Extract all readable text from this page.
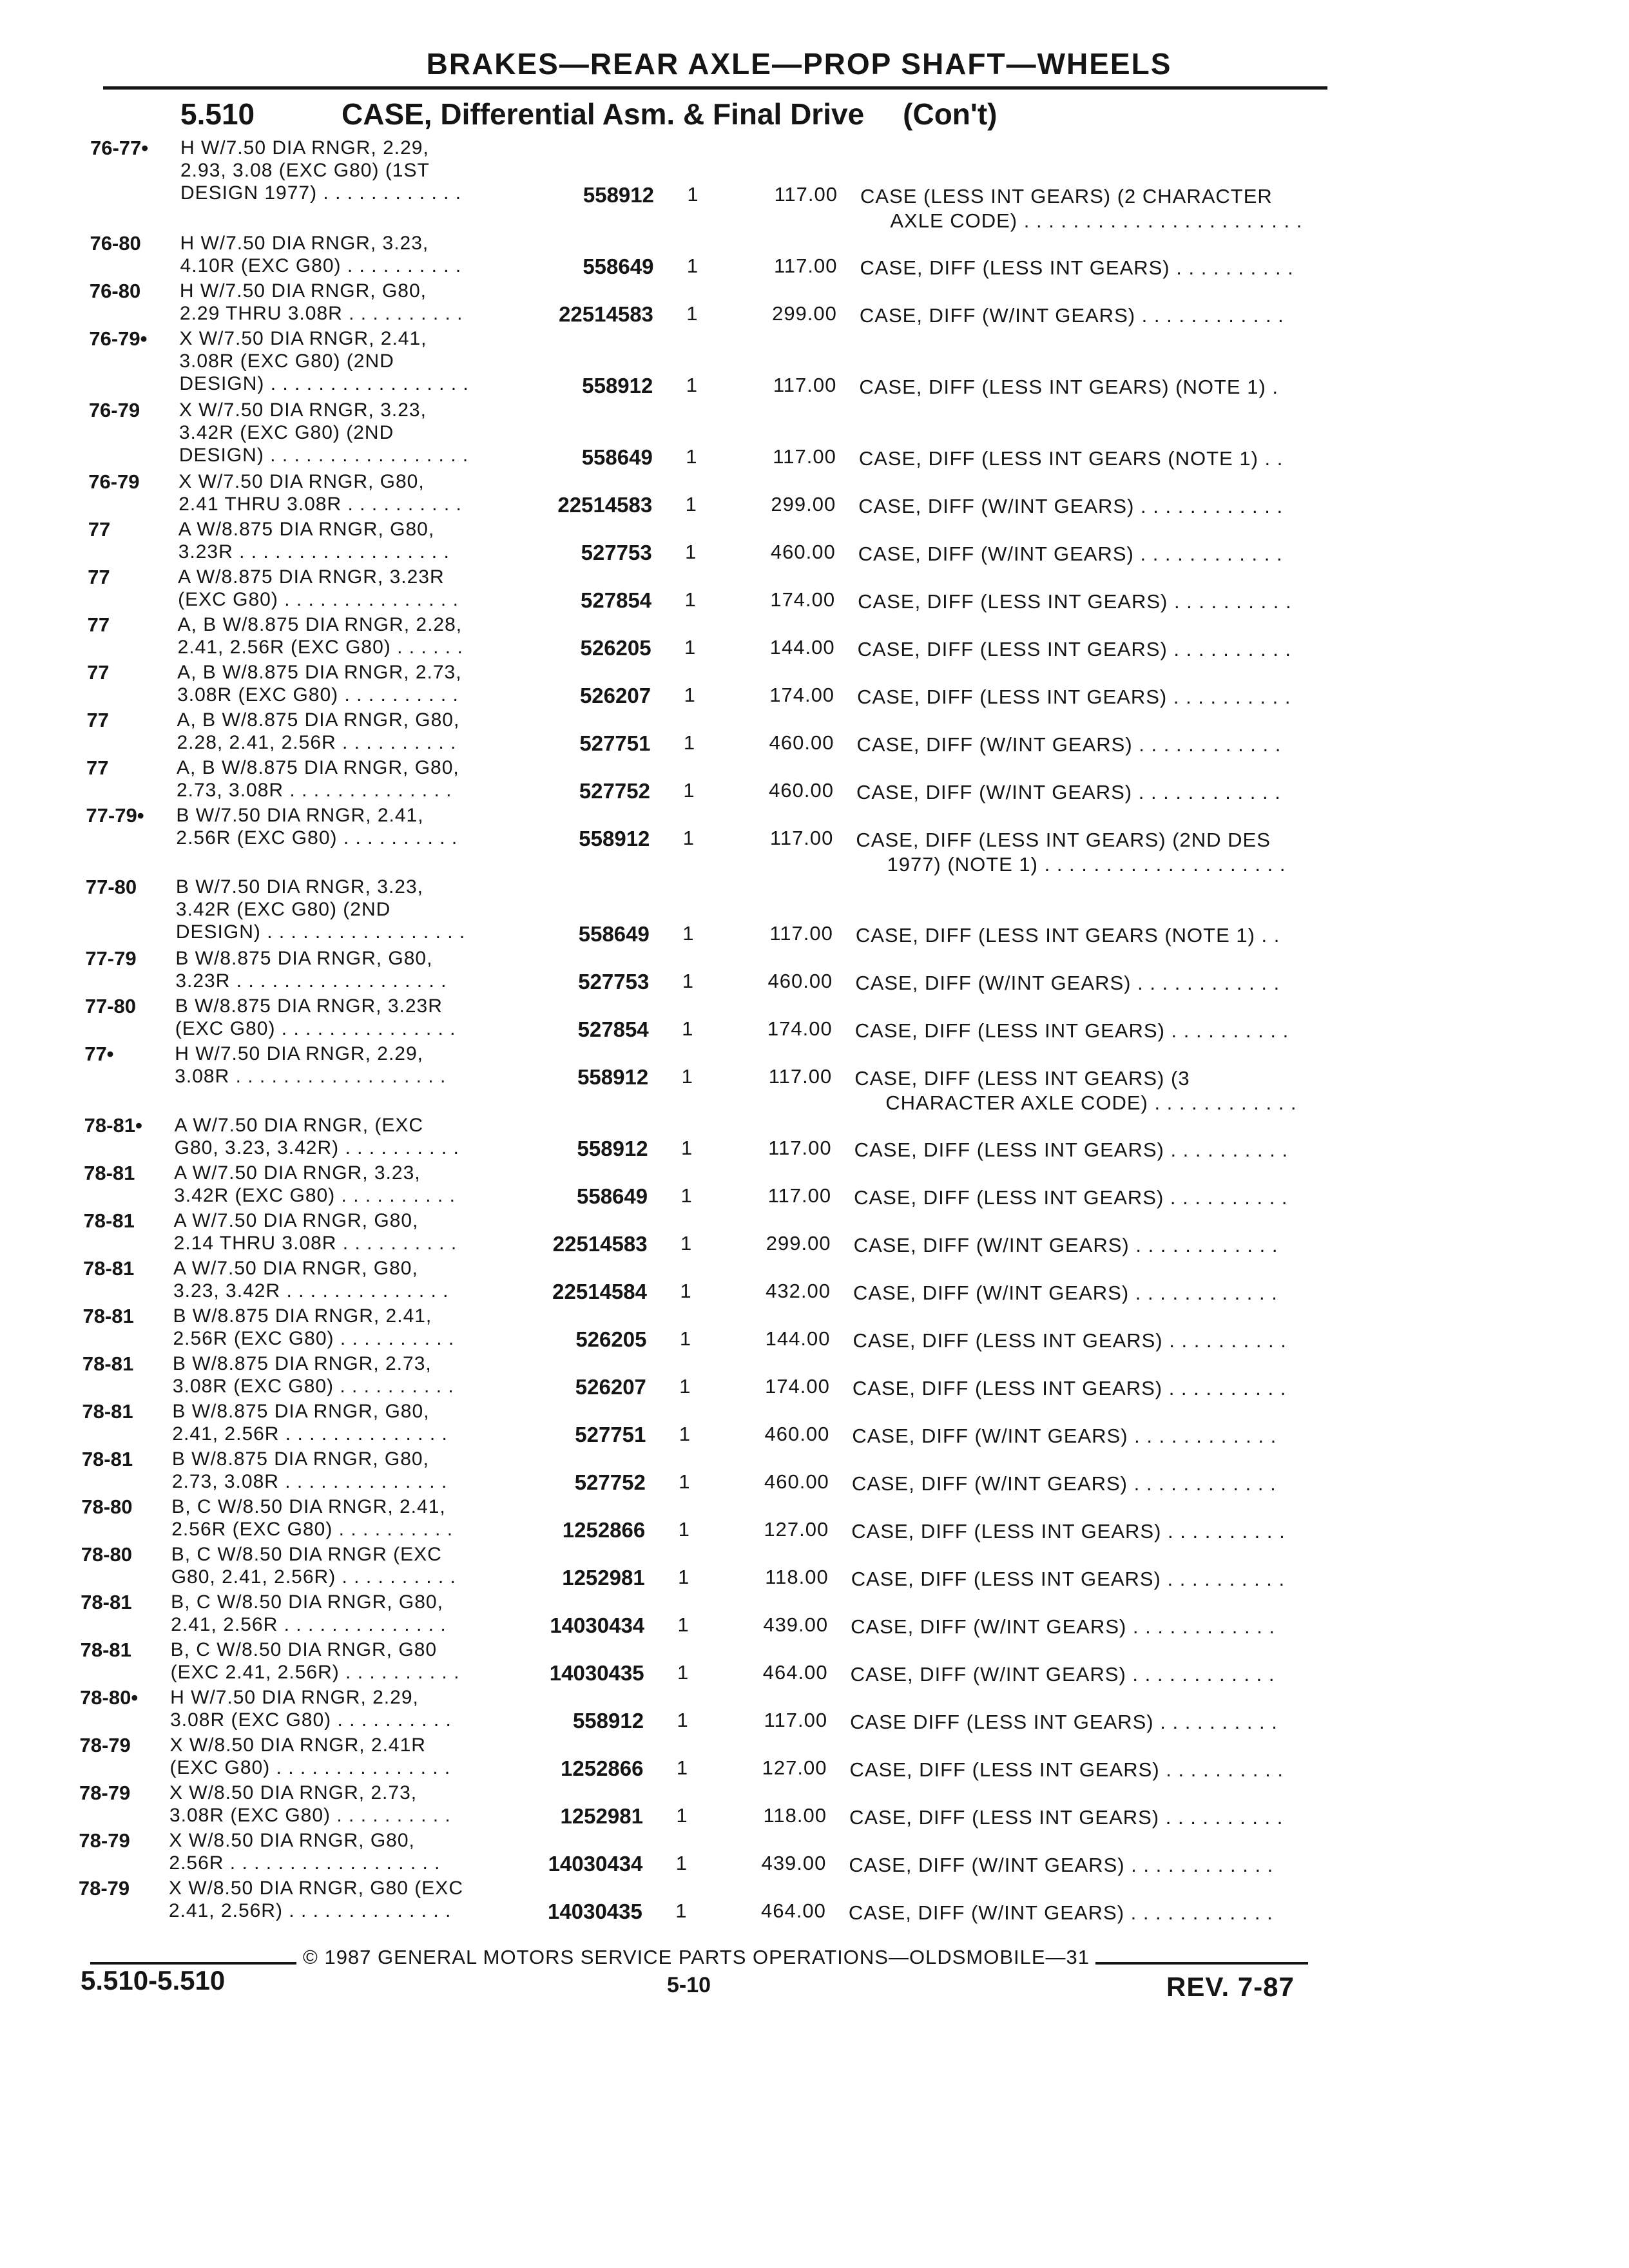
BRAKES—REAR AXLE—PROP SHAFT—WHEELS
5.510	CASE, Differential Asm. & Final Drive (Con't)
76-77• H W/7.50 DIA RNGR, 2.29,
2.93, 3.08 (EXC G80) (1ST
DESIGN 1977) . . . . . . . . . . . .	558912 1	117.00 CASE (LESS INT GEARS) (2 CHARACTER
AXLE CODE) . . . . . . . . . . . . . . . . . . . . . . .
76-80 H W/7.50 DIA RNGR, 3.23,
4.10R (EXC G80) . . . . . . . . . .	558649 1	117.00 CASE, DIFF (LESS INT GEARS) . . . . . . . . . .
76-80 H W/7.50 DIA RNGR, G80,
2.29 THRU 3.08R . . . . . . . . . .	22514583 1	299.00 CASE, DIFF (W/INT GEARS) . . . . . . . . . . . .
76-79• X W/7.50 DIA RNGR, 2.41,
3.08R (EXC G80) (2ND
DESIGN) . . . . . . . . . . . . . . . . .	558912 1	117.00 CASE, DIFF (LESS INT GEARS) (NOTE 1) .
76-79 X W/7.50 DIA RNGR, 3.23,
3.42R (EXC G80) (2ND
DESIGN) . . . . . . . . . . . . . . . . .	558649 1	117.00 CASE, DIFF (LESS INT GEARS (NOTE 1) . .
76-79 X W/7.50 DIA RNGR, G80,
2.41 THRU 3.08R . . . . . . . . . .	22514583 1	299.00 CASE, DIFF (W/INT GEARS) . . . . . . . . . . . .
77	A W/8.875 DIA RNGR, G80,
3.23R . . . . . . . . . . . . . . . . . .	527753 1	460.00 CASE, DIFF (W/INT GEARS) . . . . . . . . . . . .
77	A W/8.875 DIA RNGR, 3.23R
(EXC G80) . . . . . . . . . . . . . . .	527854 1	174.00 CASE, DIFF (LESS INT GEARS) . . . . . . . . . .
77	A, B W/8.875 DIA RNGR, 2.28,
2.41, 2.56R (EXC G80) . . . . . .	526205 1	144.00 CASE, DIFF (LESS INT GEARS) . . . . . . . . . .
77	A, B W/8.875 DIA RNGR, 2.73,
3.08R (EXC G80) . . . . . . . . . .	526207 1	174.00 CASE, DIFF (LESS INT GEARS) . . . . . . . . . .
77	A, B W/8.875 DIA RNGR, G80,
2.28, 2.41, 2.56R . . . . . . . . . .	527751 1	460.00 CASE, DIFF (W/INT GEARS) . . . . . . . . . . . .
77	A, B W/8.875 DIA RNGR, G80,
2.73, 3.08R . . . . . . . . . . . . . .	527752 1	460.00 CASE, DIFF (W/INT GEARS) . . . . . . . . . . . .
77-79• B W/7.50 DIA RNGR, 2.41,
2.56R (EXC G80) . . . . . . . . . .	558912 1	117.00 CASE, DIFF (LESS INT GEARS) (2ND DES
1977) (NOTE 1) . . . . . . . . . . . . . . . . . . . .
77-80 B W/7.50 DIA RNGR, 3.23,
3.42R (EXC G80) (2ND
DESIGN) . . . . . . . . . . . . . . . . .	558649 1	117.00 CASE, DIFF (LESS INT GEARS (NOTE 1) . .
77-79 B W/8.875 DIA RNGR, G80,
3.23R . . . . . . . . . . . . . . . . . .	527753 1	460.00 CASE, DIFF (W/INT GEARS) . . . . . . . . . . . .
77-80 B W/8.875 DIA RNGR, 3.23R
(EXC G80) . . . . . . . . . . . . . . .	527854 1	174.00 CASE, DIFF (LESS INT GEARS) . . . . . . . . . .
77•	H W/7.50 DIA RNGR, 2.29,
3.08R . . . . . . . . . . . . . . . . . .	558912 1	117.00 CASE, DIFF (LESS INT GEARS) (3
CHARACTER AXLE CODE) . . . . . . . . . . . .
78-81• A W/7.50 DIA RNGR, (EXC
G80, 3.23, 3.42R) . . . . . . . . . .	558912 1	117.00 CASE, DIFF (LESS INT GEARS) . . . . . . . . . .
78-81 A W/7.50 DIA RNGR, 3.23,
3.42R (EXC G80) . . . . . . . . . .	558649 1	117.00 CASE, DIFF (LESS INT GEARS) . . . . . . . . . .
78-81 A W/7.50 DIA RNGR, G80,
2.14 THRU 3.08R . . . . . . . . . .	22514583 1	299.00 CASE, DIFF (W/INT GEARS) . . . . . . . . . . . .
78-81 A W/7.50 DIA RNGR, G80,
3.23, 3.42R . . . . . . . . . . . . . .	22514584 1	432.00 CASE, DIFF (W/INT GEARS) . . . . . . . . . . . .
78-81 B W/8.875 DIA RNGR, 2.41,
2.56R (EXC G80) . . . . . . . . . .	526205 1	144.00 CASE, DIFF (LESS INT GEARS) . . . . . . . . . .
78-81 B W/8.875 DIA RNGR, 2.73,
3.08R (EXC G80) . . . . . . . . . .	526207 1	174.00 CASE, DIFF (LESS INT GEARS) . . . . . . . . . .
78-81 B W/8.875 DIA RNGR, G80,
2.41, 2.56R . . . . . . . . . . . . . .	527751 1	460.00 CASE, DIFF (W/INT GEARS) . . . . . . . . . . . .
78-81 B W/8.875 DIA RNGR, G80,
2.73, 3.08R . . . . . . . . . . . . . .	527752 1	460.00 CASE, DIFF (W/INT GEARS) . . . . . . . . . . . .
78-80 B, C W/8.50 DIA RNGR, 2.41,
2.56R (EXC G80) . . . . . . . . . .	1252866 1	127.00 CASE, DIFF (LESS INT GEARS) . . . . . . . . . .
78-80 B, C W/8.50 DIA RNGR (EXC
G80, 2.41, 2.56R) . . . . . . . . . .	1252981 1	118.00 CASE, DIFF (LESS INT GEARS) . . . . . . . . . .
78-81 B, C W/8.50 DIA RNGR, G80,
2.41, 2.56R . . . . . . . . . . . . . .	14030434 1	439.00 CASE, DIFF (W/INT GEARS) . . . . . . . . . . . .
78-81 B, C W/8.50 DIA RNGR, G80
(EXC 2.41, 2.56R) . . . . . . . . . .	14030435 1	464.00 CASE, DIFF (W/INT GEARS) . . . . . . . . . . . .
78-80• H W/7.50 DIA RNGR, 2.29,
3.08R (EXC G80) . . . . . . . . . .	558912 1	117.00 CASE DIFF (LESS INT GEARS) . . . . . . . . . .
78-79 X W/8.50 DIA RNGR, 2.41R
(EXC G80) . . . . . . . . . . . . . . .	1252866 1	127.00 CASE, DIFF (LESS INT GEARS) . . . . . . . . . .
78-79 X W/8.50 DIA RNGR, 2.73,
3.08R (EXC G80) . . . . . . . . . .	1252981 1	118.00 CASE, DIFF (LESS INT GEARS) . . . . . . . . . .
78-79 X W/8.50 DIA RNGR, G80,
2.56R . . . . . . . . . . . . . . . . . .	14030434 1	439.00 CASE, DIFF (W/INT GEARS) . . . . . . . . . . . .
78-79 X W/8.50 DIA RNGR, G80 (EXC
2.41, 2.56R) . . . . . . . . . . . . . .	14030435 1	464.00 CASE, DIFF (W/INT GEARS) . . . . . . . . . . . .
© 1987 GENERAL MOTORS SERVICE PARTS OPERATIONS—OLDSMOBILE—31
5.510-5.510	5-10	REV. 7-87
